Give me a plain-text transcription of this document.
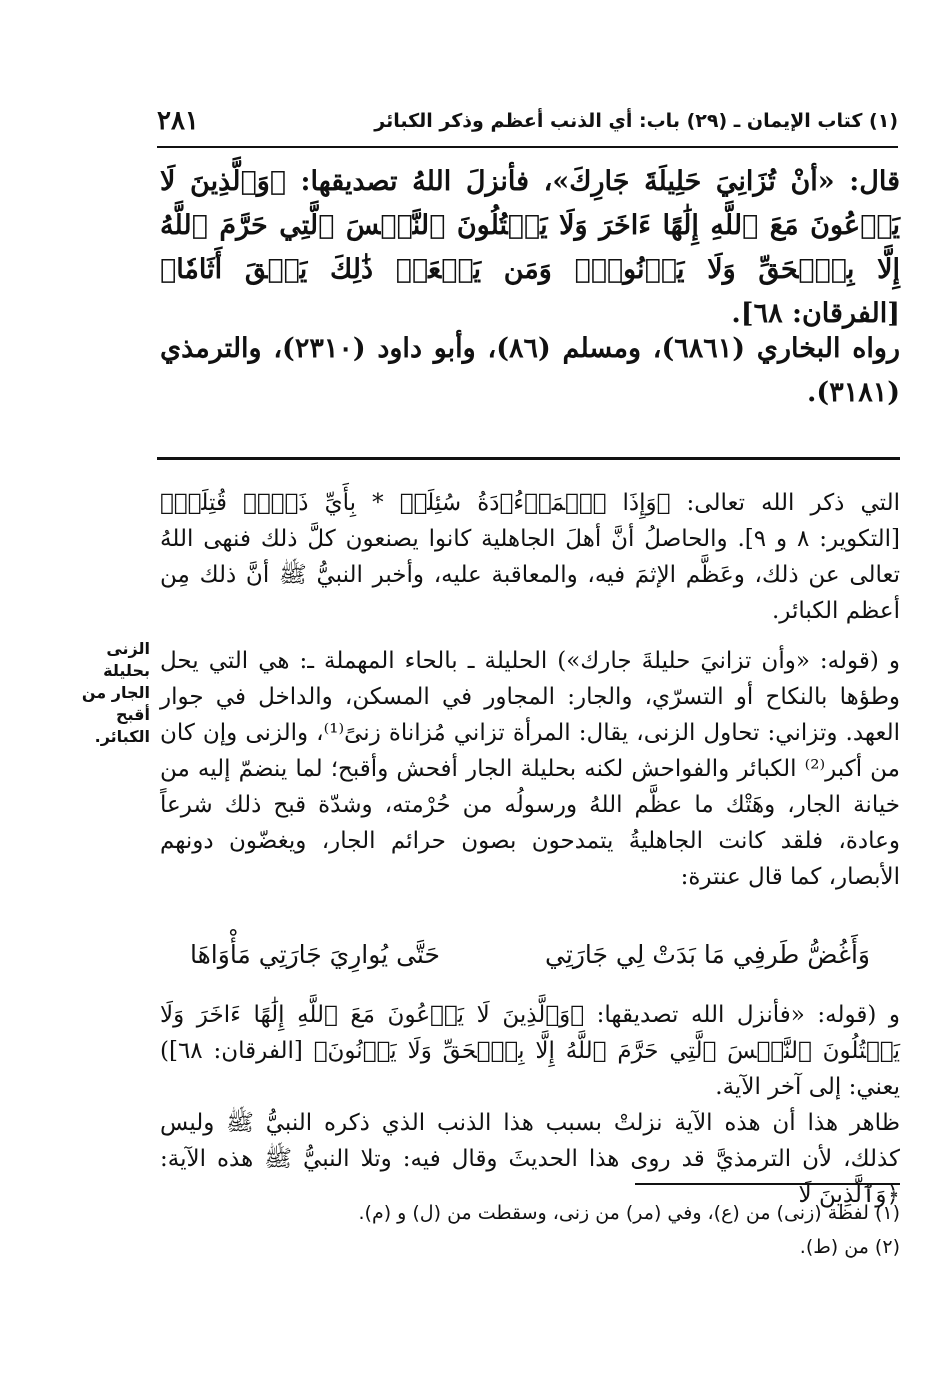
٢٨١	(١) كتاب الإيمان ـ (٢٩) باب: أي الذنب أعظم وذكر الكبائر
قال: «أنْ تُزَانِيَ حَلِيلَةَ جَارِكَ»، فأنزلَ اللهُ تصديقها: ﴿وَٱلَّذِينَ لَا يَدۡعُونَ مَعَ ٱللَّهِ إِلَٰهًا ءَاخَرَ وَلَا يَقۡتُلُونَ ٱلنَّفۡسَ ٱلَّتِي حَرَّمَ ٱللَّهُ إِلَّا بِٱلۡحَقِّ وَلَا يَزۡنُونَۚ وَمَن يَفۡعَلۡ ذَٰلِكَ يَلۡقَ أَثَامٗا﴾ [الفرقان: ٦٨].
رواه البخاري (٦٨٦١)، ومسلم (٨٦)، وأبو داود (٢٣١٠)، والترمذي (٣١٨١).

التي ذكر الله تعالى: ﴿وَإِذَا ٱلۡمَوۡءُۥدَةُ سُئِلَتۡ * بِأَيِّ ذَنۢبٖ قُتِلَتۡ﴾ [التكوير: ٨ و ٩]. والحاصلُ أنَّ أهلَ الجاهلية كانوا يصنعون كلَّ ذلك فنهى اللهُ تعالى عن ذلك، وعَظَّم الإثمَ فيه، والمعاقبة عليه، وأخبر النبيُّ ﷺ أنَّ ذلك مِن أعظم الكبائر.

و (قوله: «وأن تزانيَ حليلةَ جارك») الحليلة ـ بالحاء المهملة ـ: هي التي يحل وطؤها بالنكاح أو التسرّي، والجار: المجاور في المسكن، والداخل في جوار العهد. وتزاني: تحاول الزنى، يقال: المرأة تزاني مُزاناة زنىً⁽¹⁾، والزنى وإن كان من أكبر⁽²⁾ الكبائر والفواحش لكنه بحليلة الجار أفحش وأقبح؛ لما ينضمّ إليه من خيانة الجار، وهَتْك ما عظَّم اللهُ ورسولُه من حُرْمته، وشدّة قبح ذلك شرعاً وعادة، فلقد كانت الجاهليةُ يتمدحون بصون حرائم الجار، ويغضّون دونهم الأبصار، كما قال عنترة:

الزنى بحليلة الجار من أقبح الكبائر.
وَأَغُضُّ طَرفِي مَا بَدَتْ لِي جَارَتِي
حَتَّى يُوارِيَ جَارَتِي مَأْوَاهَا

و (قوله: «فأنزل الله تصديقها: ﴿وَٱلَّذِينَ لَا يَدۡعُونَ مَعَ ٱللَّهِ إِلَٰهًا ءَاخَرَ وَلَا يَقۡتُلُونَ ٱلنَّفۡسَ ٱلَّتِي حَرَّمَ ٱللَّهُ إِلَّا بِٱلۡحَقِّ وَلَا يَزۡنُونَ﴾ [الفرقان: ٦٨]) يعني: إلى آخر الآية.

ظاهر هذا أن هذه الآية نزلتْ بسبب هذا الذنب الذي ذكره النبيُّ ﷺ وليس كذلك، لأن الترمذيَّ قد روى هذا الحديثَ وقال فيه: وتلا النبيُّ ﷺ هذه الآية: ﴿وَٱلَّذِينَ لَا

(١) لفظة (زنى) من (ع)، وفي (مر) من زنى، وسقطت من (ل) و (م).

(٢) من (ط).
